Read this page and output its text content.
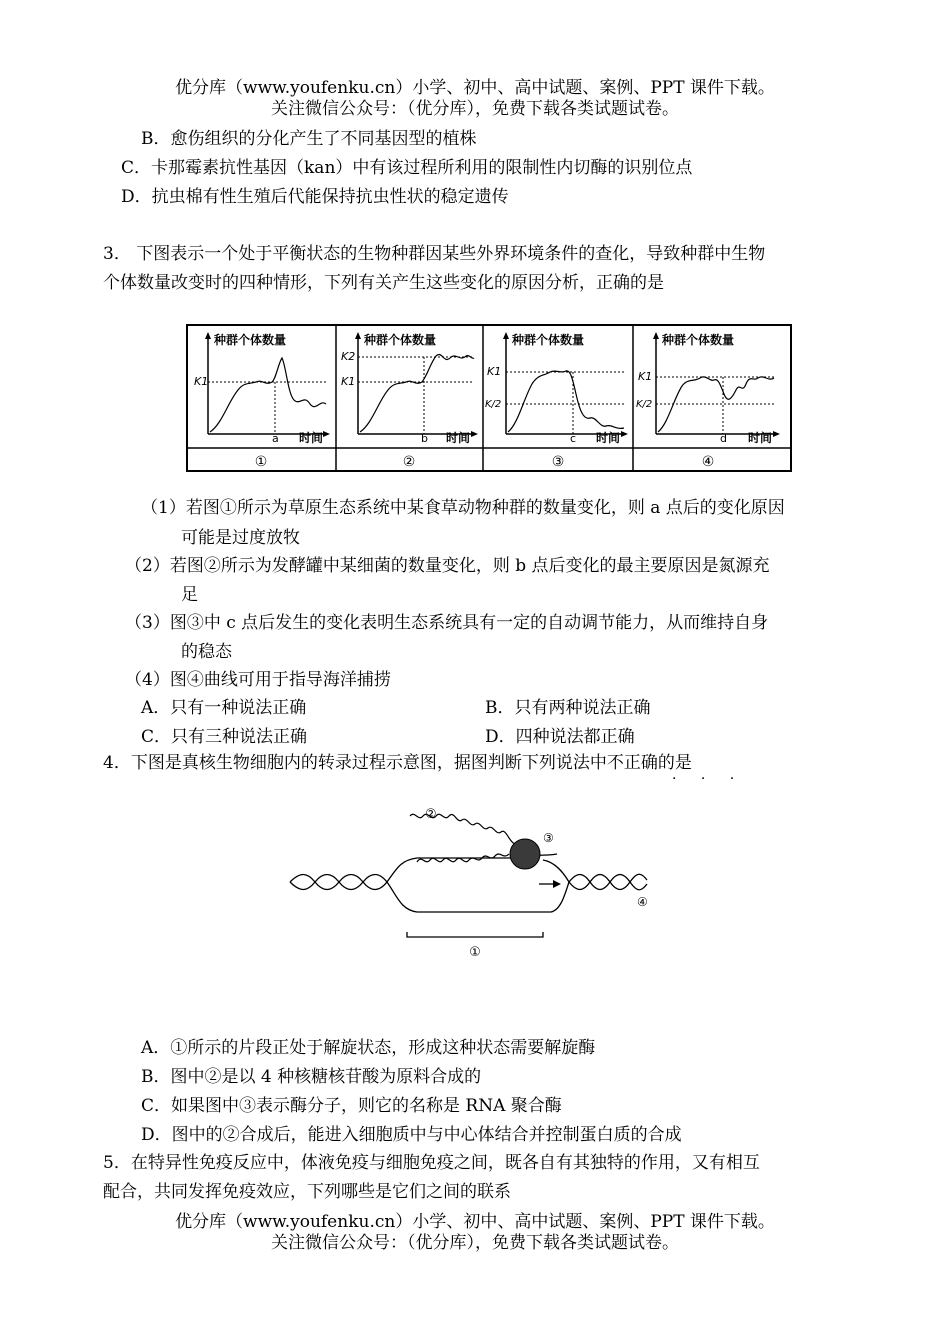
优分库（www.youfenku.cn）小学、初中、高中试题、案例、PPT 课件下载。
关注微信公众号：（优分库），免费下载各类试题试卷。
B．愈伤组织的分化产生了不同基因型的植株
C．卡那霉素抗性基因（kan）中有该过程所利用的限制性内切酶的识别位点
D．抗虫棉有性生殖后代能保持抗虫性状的稳定遗传
3． 下图表示一个处于平衡状态的生物种群因某些外界环境条件的查化，导致种群中生物
个体数量改变时的四种情形，下列有关产生这些变化的原因分析，正确的是
种群个体数量
时间
K1
a
①
种群个体数量
时间
K2
K1
b
②
种群个体数量
时间
K1
K/2
c
③
种群个体数量
时间
K1
K/2
d
④
（1）若图①所示为草原生态系统中某食草动物种群的数量变化，则 a 点后的变化原因
可能是过度放牧
（2）若图②所示为发酵罐中某细菌的数量变化，则 b 点后变化的最主要原因是氮源充
足
（3）图③中 c 点后发生的变化表明生态系统具有一定的自动调节能力，从而维持自身
的稳态
（4）图④曲线可用于指导海洋捕捞
A．只有一种说法正确	B．只有两种说法正确
C．只有三种说法正确	D．四种说法都正确
4．下图是真核生物细胞内的转录过程示意图，据图判断下列说法中不正确的是
· · ·
③
②
④
①
A．①所示的片段正处于解旋状态，形成这种状态需要解旋酶
B．图中②是以 4 种核糖核苷酸为原料合成的
C．如果图中③表示酶分子，则它的名称是 RNA 聚合酶
D．图中的②合成后，能进入细胞质中与中心体结合并控制蛋白质的合成
5．在特异性免疫反应中，体液免疫与细胞免疫之间，既各自有其独特的作用，又有相互
配合，共同发挥免疫效应，下列哪些是它们之间的联系
优分库（www.youfenku.cn）小学、初中、高中试题、案例、PPT 课件下载。
关注微信公众号：（优分库），免费下载各类试题试卷。
